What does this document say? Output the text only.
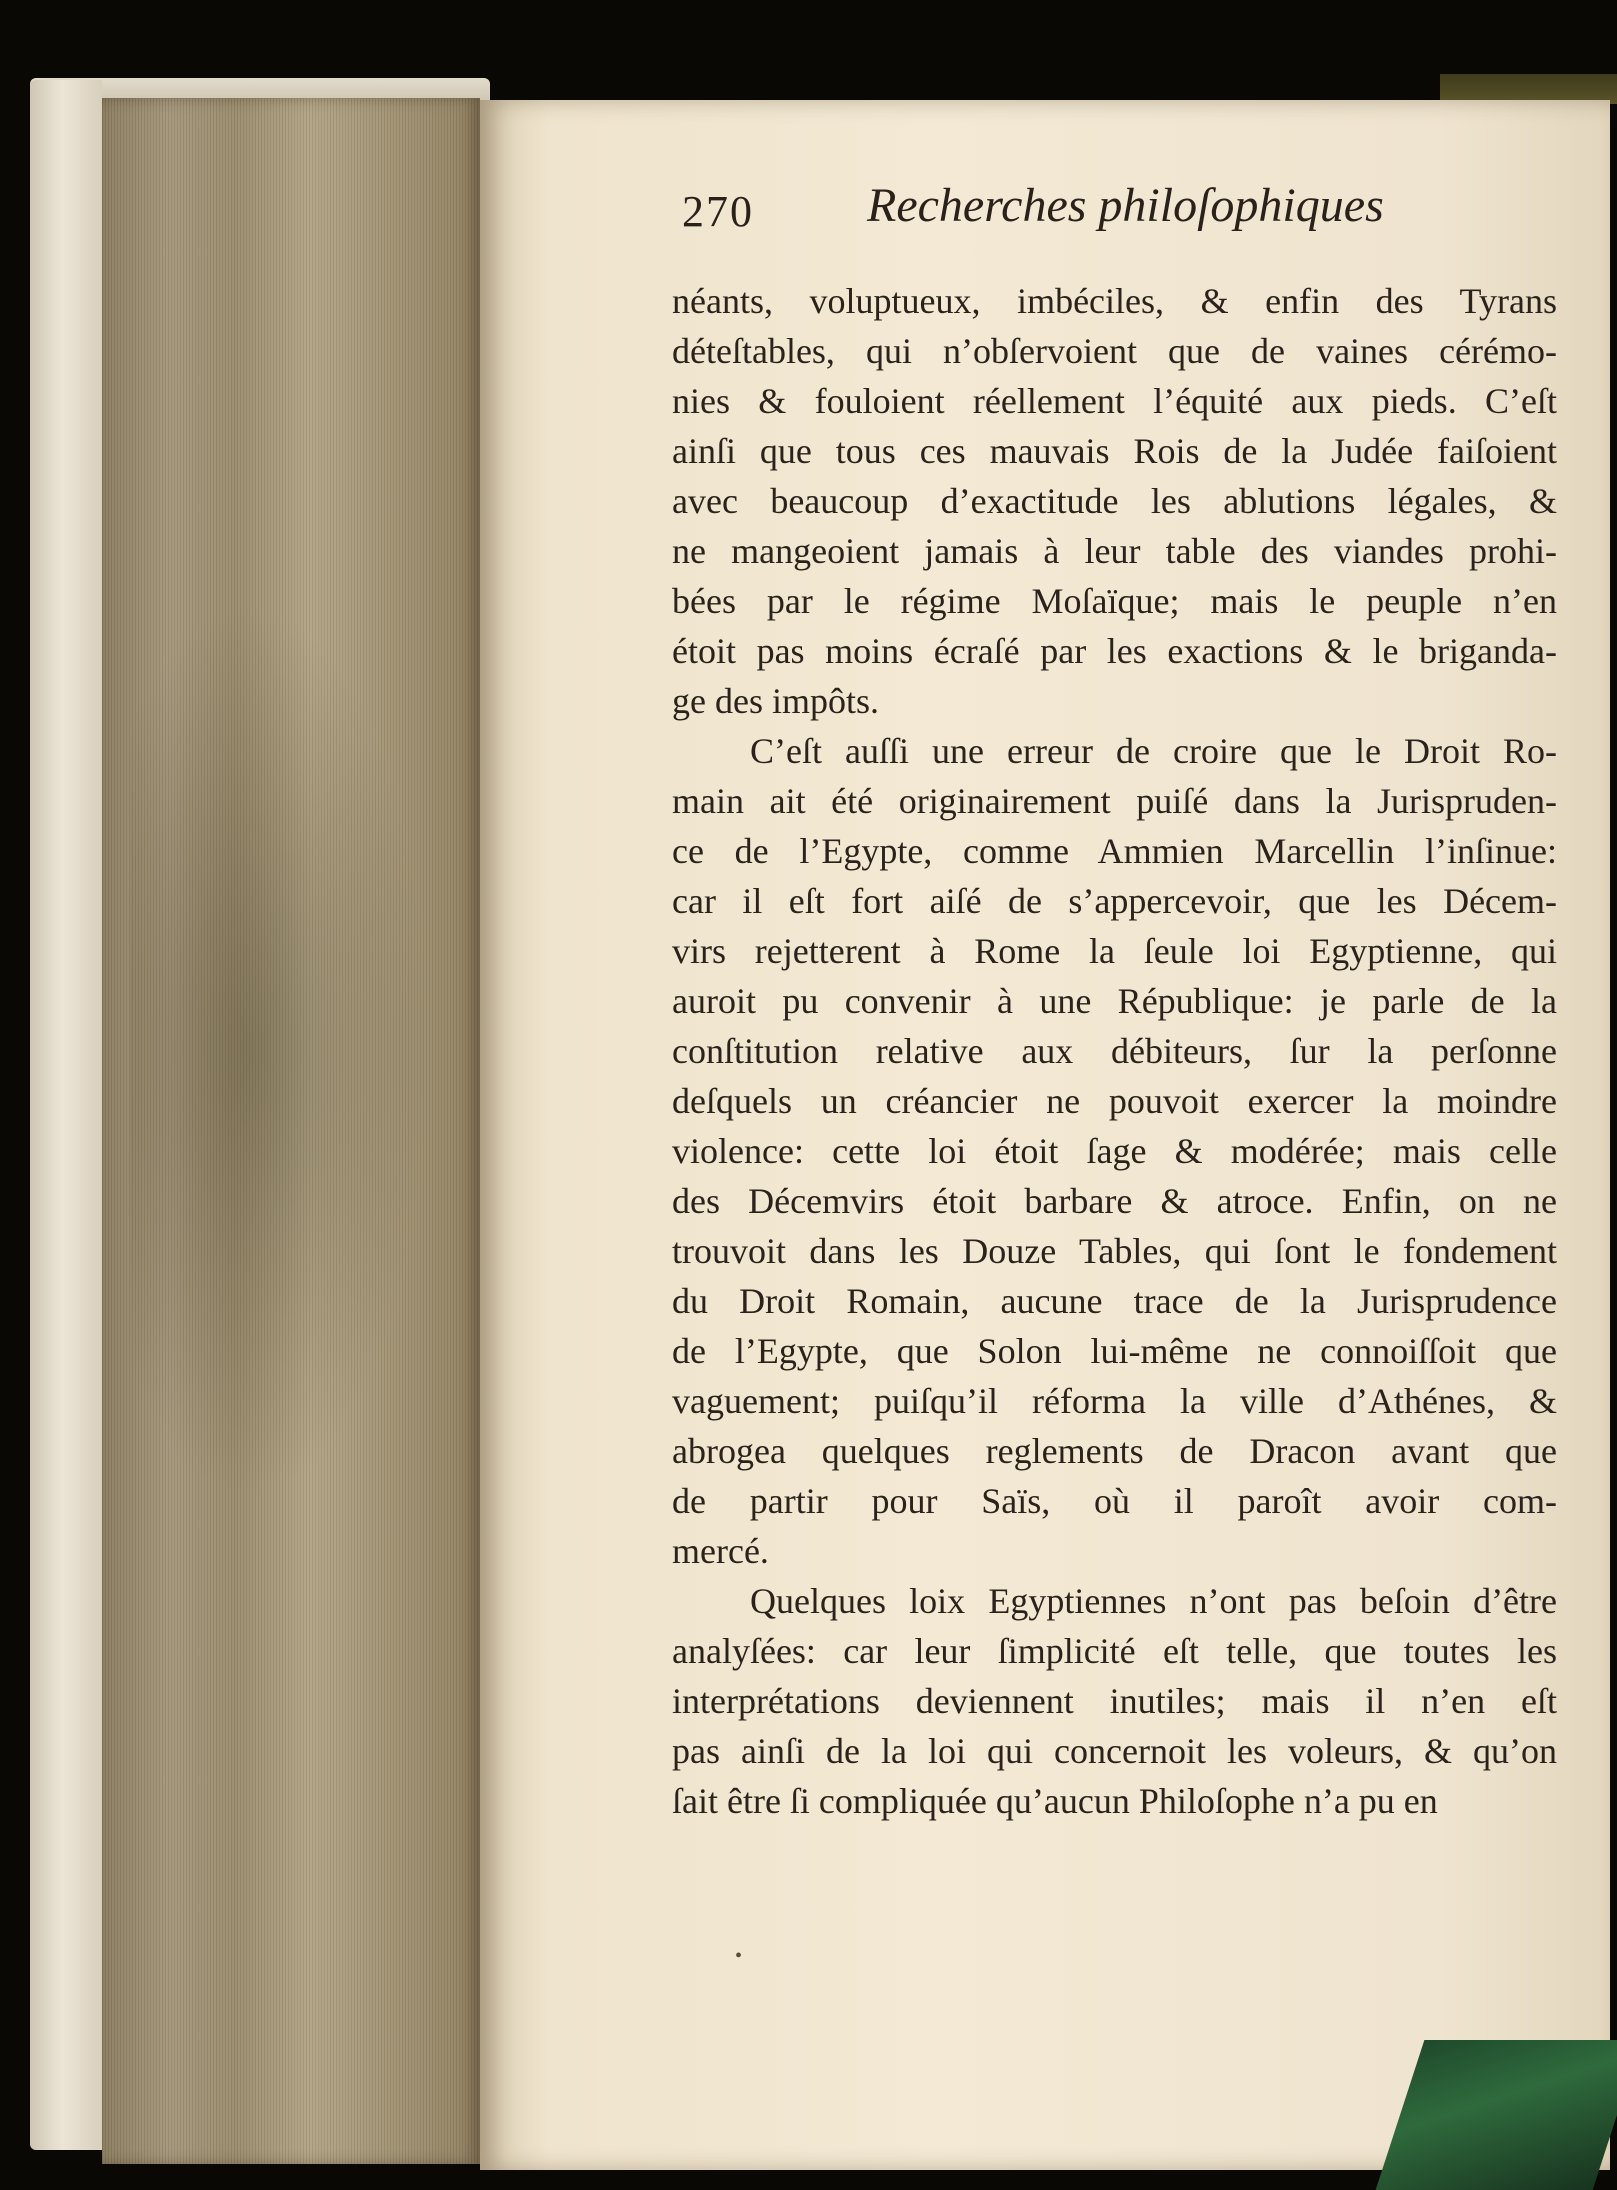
270 Recherches philoſophiques
néants, voluptueux, imbéciles, & enfin des Tyrans
déteſtables, qui n’obſervoient que de vaines cérémo-
nies & fouloient réellement l’équité aux pieds. C’eſt
ainſi que tous ces mauvais Rois de la Judée faiſoient
avec beaucoup d’exactitude les ablutions légales, &
ne mangeoient jamais à leur table des viandes prohi-
bées par le régime Moſaïque; mais le peuple n’en
étoit pas moins écraſé par les exactions & le briganda-
ge des impôts.
C’eſt auſſi une erreur de croire que le Droit Ro-
main ait été originairement puiſé dans la Jurispruden-
ce de l’Egypte, comme Ammien Marcellin l’inſinue:
car il eſt fort aiſé de s’appercevoir, que les Décem-
virs rejetterent à Rome la ſeule loi Egyptienne, qui
auroit pu convenir à une République: je parle de la
conſtitution relative aux débiteurs, ſur la perſonne
deſquels un créancier ne pouvoit exercer la moindre
violence: cette loi étoit ſage & modérée; mais celle
des Décemvirs étoit barbare & atroce. Enfin, on ne
trouvoit dans les Douze Tables, qui ſont le fondement
du Droit Romain, aucune trace de la Jurisprudence
de l’Egypte, que Solon lui-même ne connoiſſoit que
vaguement; puiſqu’il réforma la ville d’Athénes, &
abrogea quelques reglements de Dracon avant que
de partir pour Saïs, où il paroît avoir com-
mercé.
Quelques loix Egyptiennes n’ont pas beſoin d’être
analyſées: car leur ſimplicité eſt telle, que toutes les
interprétations deviennent inutiles; mais il n’en eſt
pas ainſi de la loi qui concernoit les voleurs, & qu’on
ſait être ſi compliquée qu’aucun Philoſophe n’a pu en
•
